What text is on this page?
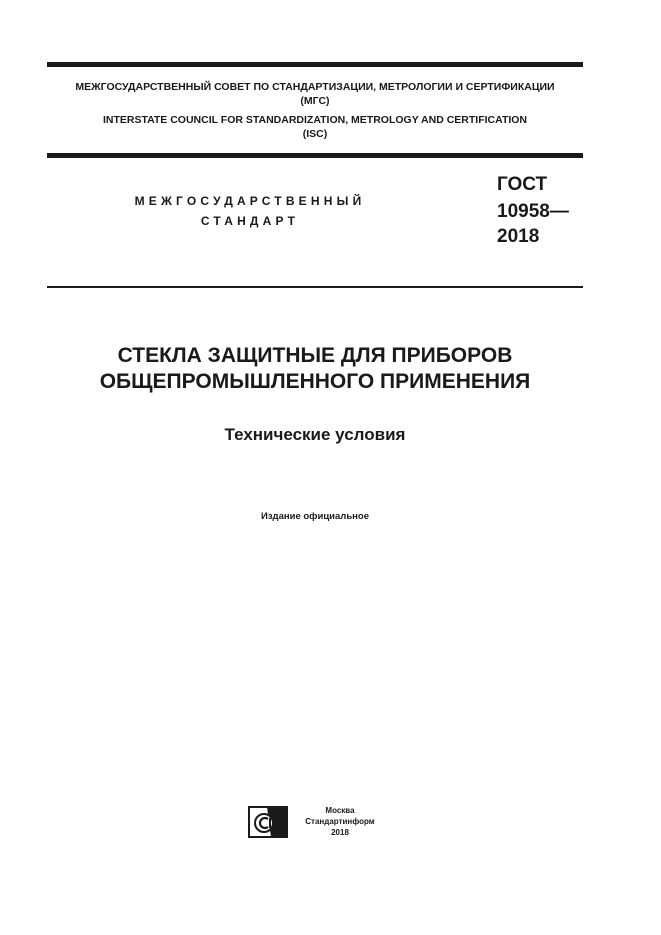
МЕЖГОСУДАРСТВЕННЫЙ СОВЕТ ПО СТАНДАРТИЗАЦИИ, МЕТРОЛОГИИ И СЕРТИФИКАЦИИ
(МГС)
INTERSTATE COUNCIL FOR STANDARDIZATION, METROLOGY AND CERTIFICATION
(ISC)
МЕЖГОСУДАРСТВЕННЫЙ
СТАНДАРТ
ГОСТ
10958—
2018
СТЕКЛА ЗАЩИТНЫЕ ДЛЯ ПРИБОРОВ
ОБЩЕПРОМЫШЛЕННОГО ПРИМЕНЕНИЯ
Технические условия
Издание официальное
Москва
Стандартинформ
2018
